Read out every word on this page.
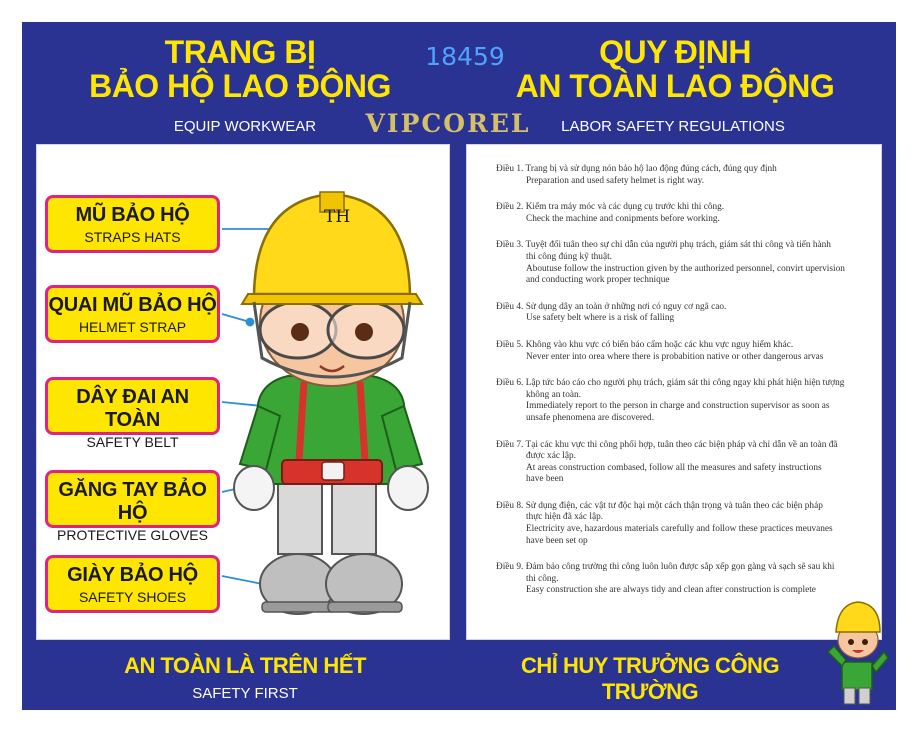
TRANG BỊ
BẢO HỘ LAO ĐỘNG
EQUIP WORKWEAR
18459
VIPCOREL
QUY ĐỊNH
AN TOÀN LAO ĐỘNG
LABOR SAFETY REGULATIONS
TH
MŨ BẢO HỘ
STRAPS HATS
QUAI MŨ BẢO HỘ
HELMET STRAP
DÂY ĐAI AN TOÀN
SAFETY BELT
GĂNG TAY BẢO HỘ
PROTECTIVE GLOVES
GIÀY BẢO HỘ
SAFETY SHOES
Điều 1. Trang bị và sử dụng nón bảo hộ lao động đúng cách, đúng quy định
Preparation and used safety helmet is right way.
Điều 2. Kiểm tra máy móc và các dụng cụ trước khi thi công.
Check the machine and conipments before working.
Điều 3. Tuyệt đối tuân theo sự chỉ dẫn của người phụ trách, giám sát thi công và tiến hành
thi công đúng kỹ thuật.
Aboutuse follow the instruction given by the authorized personnel, convirt upervision
and conducting work proper technique
Điều 4. Sử dụng dây an toàn ở những nơi có nguy cơ ngã cao.
Use safety belt where is a risk of falling
Điều 5. Không vào khu vực có biển báo cấm hoặc các khu vực nguy hiểm khác.
Never enter into orea where there is probabition native or other dangerous arvas
Điều 6. Lập tức báo cáo cho người phụ trách, giám sát thi công ngay khi phát hiện hiện tượng
không an toàn.
Immediately report to the person in charge and construction supervisor as soon as
unsafe phenomena are discovered.
Điều 7. Tại các khu vực thi công phối hợp, tuân theo các biện pháp và chỉ dẫn về an toàn đã
được xác lập.
At areas construction combased, follow all the measures and safety instructions
have been
Điều 8. Sử dụng điện, các vật tư độc hại một cách thận trọng và tuân theo các biện pháp
thực hiện đã xác lập.
Electricity ave, hazardous materials carefully and follow these practices meuvanes
have been set op
Điều 9. Đảm bảo công trường thi công luôn luôn được sắp xếp gọn gàng và sạch sẽ sau khi
thi công.
Easy construction she are always tidy and clean after construction is complete
AN TOÀN LÀ TRÊN HẾT
SAFETY FIRST
CHỈ HUY TRƯỞNG CÔNG TRƯỜNG
